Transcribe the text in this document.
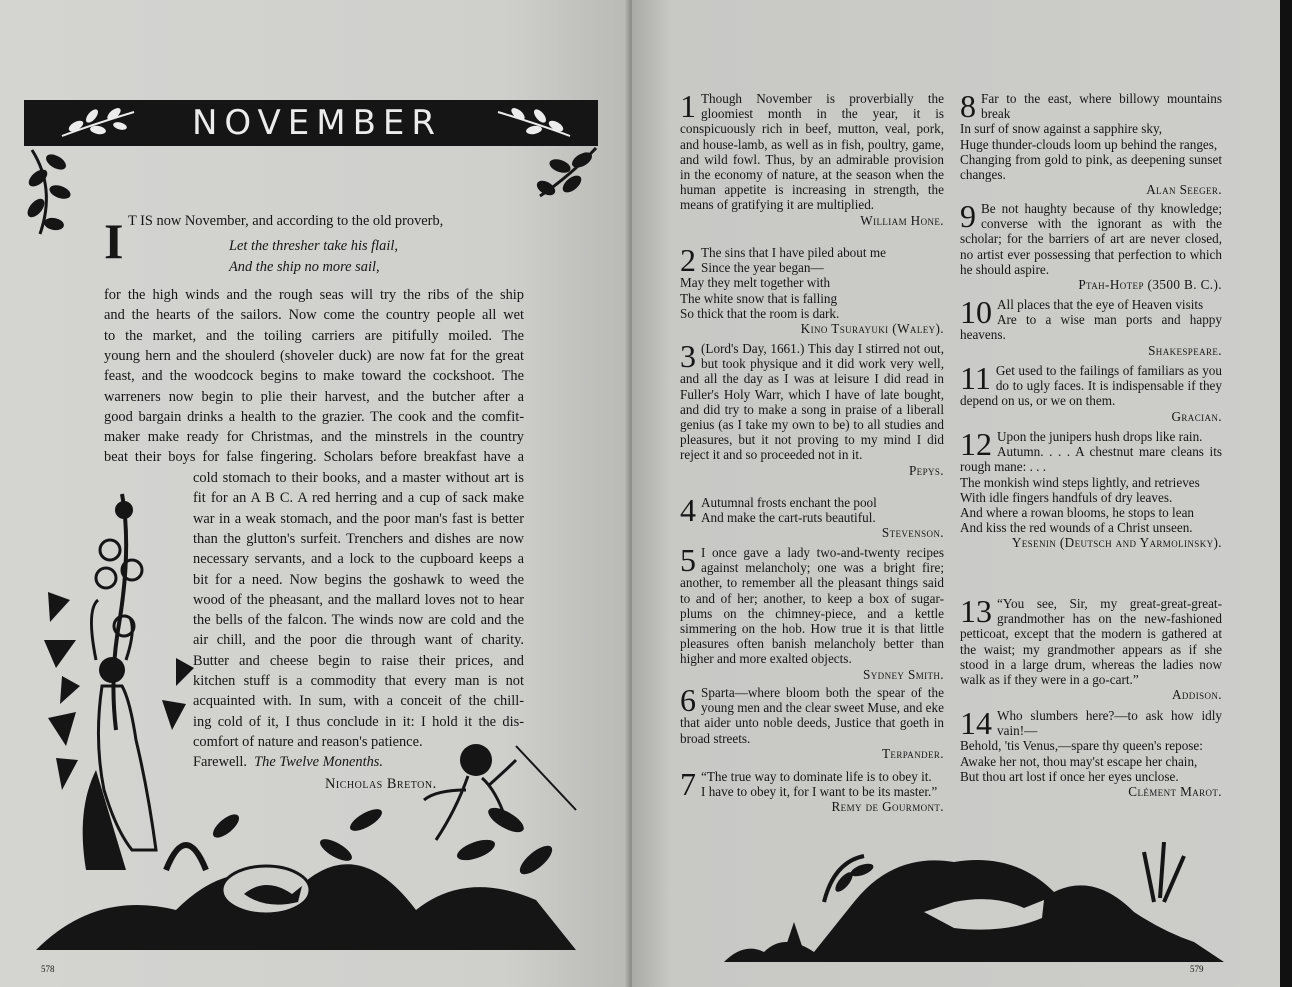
NOVEMBER
I T IS now November, and according to the old proverb,
Let the thresher take his flail,
And the ship no more sail,
for the high winds and the rough seas will try the ribs of the ship
and the hearts of the sailors. Now come the country people all wet
to the market, and the toiling carriers are pitifully moiled. The
young hern and the shoulerd (shoveler duck) are now fat for the great
feast, and the woodcock begins to make toward the cockshoot. The
warreners now begin to plie their harvest, and the butcher after a
good bargain drinks a health to the grazier. The cook and the comfit-
maker make ready for Christmas, and the minstrels in the country
beat their boys for false fingering. Scholars before breakfast have a
cold stomach to their books, and a master without art is
fit for an A B C. A red herring and a cup of sack make
war in a weak stomach, and the poor man's fast is better
than the glutton's surfeit. Trenchers and dishes are now
necessary servants, and a lock to the cupboard keeps a
bit for a need. Now begins the goshawk to weed the
wood of the pheasant, and the mallard loves not to hear
the bells of the falcon. The winds now are cold and the
air chill, and the poor die through want of charity.
Butter and cheese begin to raise their prices, and
kitchen stuff is a commodity that every man is not
acquainted with. In sum, with a conceit of the chill-
ing cold of it, I thus conclude in it: I hold it the dis-
comfort of nature and reason's patience.
Farewell. The Twelve Monenths.
Nicholas Breton.
578
1 Though November is proverbially the gloomiest month in the year, it is conspicuously rich in beef, mutton, veal, pork, and house-lamb, as well as in fish, poultry, game, and wild fowl. Thus, by an admirable provision in the economy of nature, at the season when the human appetite is increasing in strength, the means of gratifying it are multiplied.
William Hone.
2 The sins that I have piled about me
Since the year began—
May they melt together with
The white snow that is falling
So thick that the room is dark.
Kino Tsurayuki (Waley).
3 (Lord's Day, 1661.) This day I stirred not out, but took physique and it did work very well, and all the day as I was at leisure I did read in Fuller's Holy Warr, which I have of late bought, and did try to make a song in praise of a liberall genius (as I take my own to be) to all studies and pleasures, but it not proving to my mind I did reject it and so proceeded not in it.
Pepys.
4 Autumnal frosts enchant the pool
And make the cart-ruts beautiful.
Stevenson.
5 I once gave a lady two-and-twenty recipes against melancholy; one was a bright fire; another, to remember all the pleasant things said to and of her; another, to keep a box of sugar-plums on the chimney-piece, and a kettle simmering on the hob. How true it is that little pleasures often banish melancholy better than higher and more exalted objects.
Sydney Smith.
6 Sparta—where bloom both the spear of the young men and the clear sweet Muse, and eke that aider unto noble deeds, Justice that goeth in broad streets.
Terpander.
7 “The true way to dominate life is to obey it.
I have to obey it, for I want to be its master.”
Remy de Gourmont.
8 Far to the east, where billowy mountains break
In surf of snow against a sapphire sky,
Huge thunder-clouds loom up behind the ranges,
Changing from gold to pink, as deepening sunset changes.
Alan Seeger.
9 Be not haughty because of thy knowledge; converse with the ignorant as with the scholar; for the barriers of art are never closed, no artist ever possessing that perfection to which he should aspire.
Ptah-Hotep (3500 B. C.).
10 All places that the eye of Heaven visits
Are to a wise man ports and happy heavens.
Shakespeare.
11 Get used to the failings of familiars as you do to ugly faces. It is indispensable if they depend on us, or we on them.
Gracian.
12 Upon the junipers hush drops like rain.
Autumn. . . . A chestnut mare cleans its rough mane: . . .
The monkish wind steps lightly, and retrieves
With idle fingers handfuls of dry leaves.
And where a rowan blooms, he stops to lean
And kiss the red wounds of a Christ unseen.
Yesenin (Deutsch and Yarmolinsky).
13 “You see, Sir, my great-great-great-grandmother has on the new-fashioned petticoat, except that the modern is gathered at the waist; my grandmother appears as if she stood in a large drum, whereas the ladies now walk as if they were in a go-cart.”
Addison.
14 Who slumbers here?—to ask how idly vain!—
Behold, 'tis Venus,—spare thy queen's repose:
Awake her not, thou may'st escape her chain,
But thou art lost if once her eyes unclose.
Clément Marot.
579
